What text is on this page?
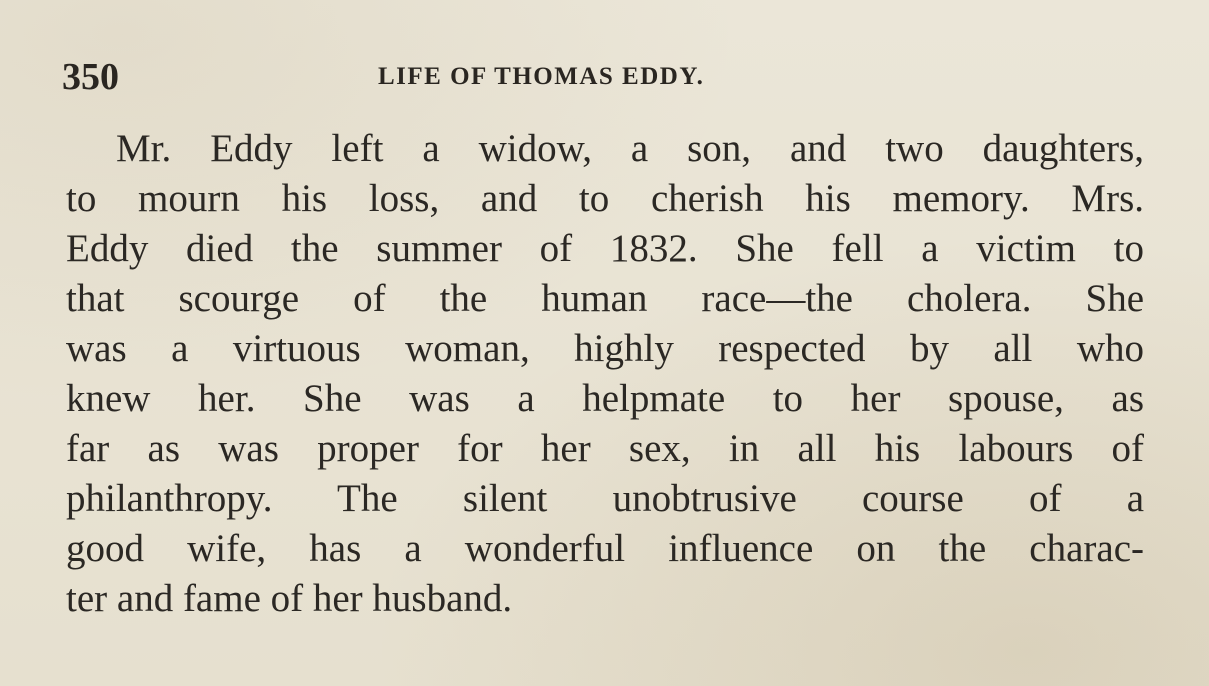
350	LIFE OF THOMAS EDDY.
Mr. Eddy left a widow, a son, and two daughters,
to mourn his loss, and to cherish his memory. Mrs.
Eddy died the summer of 1832. She fell a victim to
that scourge of the human race—the cholera. She
was a virtuous woman, highly respected by all who
knew her. She was a helpmate to her spouse, as
far as was proper for her sex, in all his labours of
philanthropy. The silent unobtrusive course of a
good wife, has a wonderful influence on the charac-
ter and fame of her husband.
